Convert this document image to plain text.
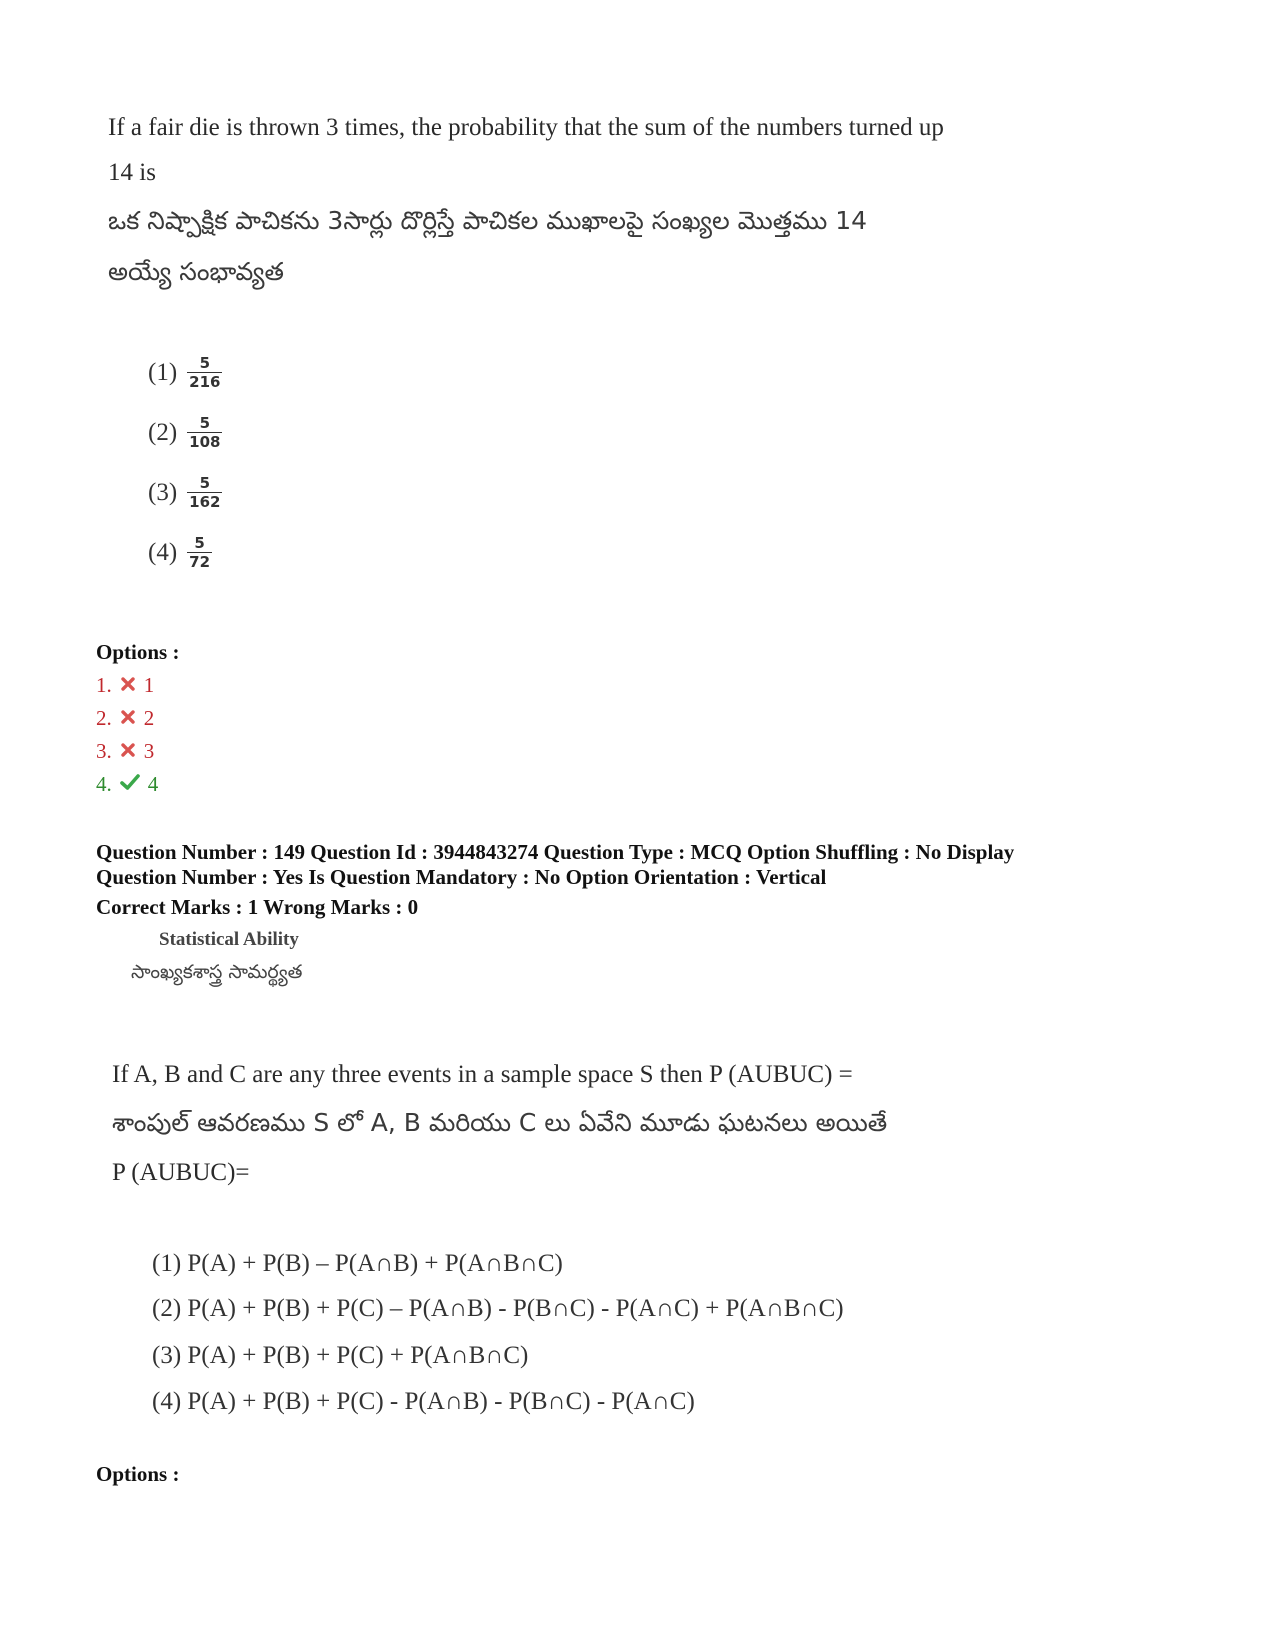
If a fair die is thrown 3 times, the probability that the sum of the numbers turned up
14 is
ఒక నిష్పాక్షిక పాచికను 3సార్లు దొర్లిస్తే పాచికల ముఖాలపై సంఖ్యల మొత్తము 14
అయ్యే సంభావ్యత
$(1) \frac{5}{216}$
$(2) \frac{5}{108}$
$(3) \frac{5}{162}$
$(4) \frac{5}{72}$
Options :
1. 1
2. 2
3. 3
4. 4
Question Number : 149 Question Id : 3944843274 Question Type : MCQ Option Shuffling : No Display
Question Number : Yes Is Question Mandatory : No Option Orientation : Vertical
Correct Marks : 1 Wrong Marks : 0
Statistical Ability
సాంఖ్యకశాస్త్ర సామర్థ్యత
If A, B and C are any three events in a sample space S then P (AUBUC) =
శాంపుల్ ఆవరణము S లో A, B మరియు C లు ఏవేని మూడు ఘటనలు అయితే
P (AUBUC)=
(1) P(A) + P(B) – P(A∩B) + P(A∩B∩C)
(2) P(A) + P(B) + P(C) – P(A∩B) - P(B∩C) - P(A∩C) + P(A∩B∩C)
(3) P(A) + P(B) + P(C) + P(A∩B∩C)
(4) P(A) + P(B) + P(C) - P(A∩B) - P(B∩C) - P(A∩C)
Options :
